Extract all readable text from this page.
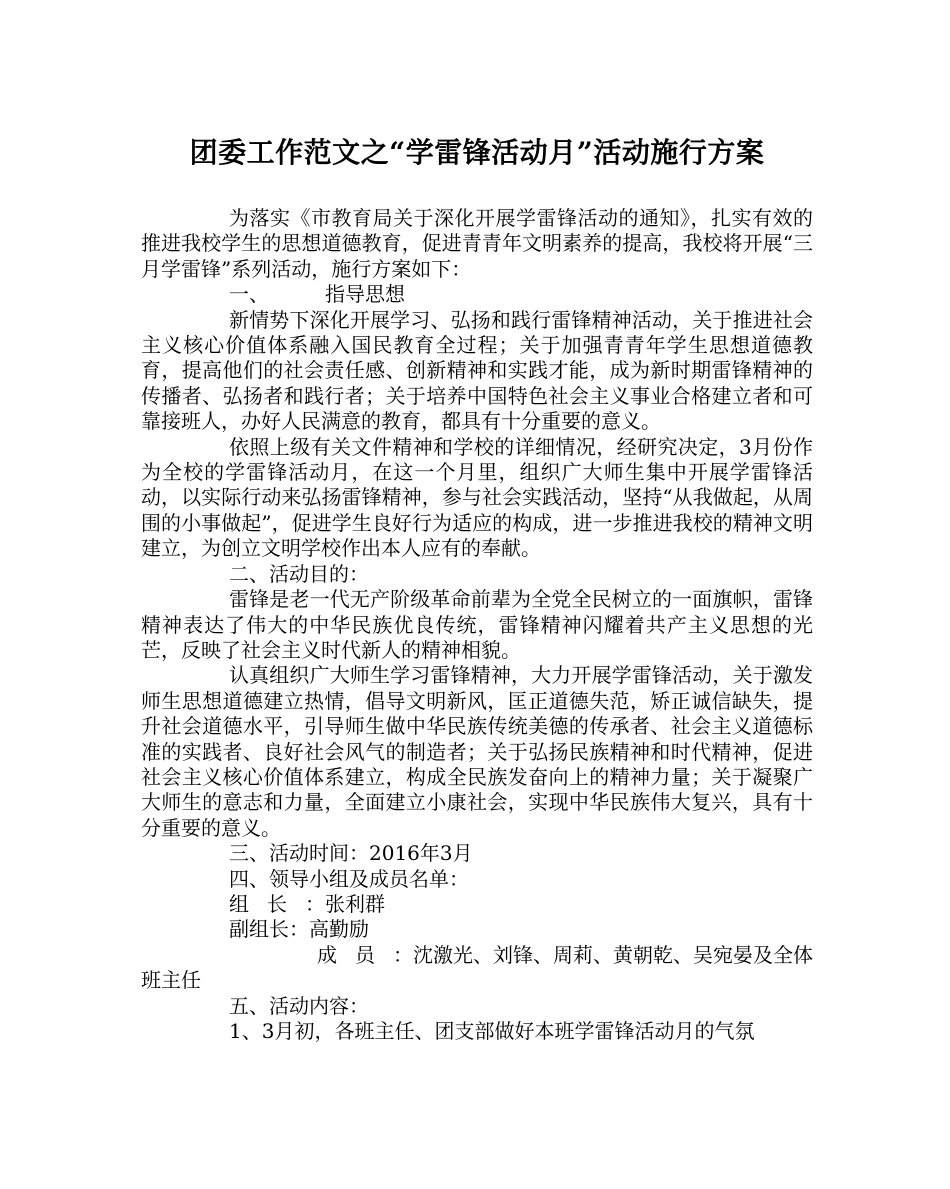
团委工作范文之“学雷锋活动月”活动施行方案

为落实《市教育局关于深化开展学雷锋活动的通知》，扎实有效的推进我校学生的思想道德教育，促进青青年文明素养的提高，我校将开展“三月学雷锋”系列活动，施行方案如下：

一、	指导思想

新情势下深化开展学习、弘扬和践行雷锋精神活动，关于推进社会主义核心价值体系融入国民教育全过程；关于加强青青年学生思想道德教育，提高他们的社会责任感、创新精神和实践才能，成为新时期雷锋精神的传播者、弘扬者和践行者；关于培养中国特色社会主义事业合格建立者和可靠接班人，办好人民满意的教育，都具有十分重要的意义。

依照上级有关文件精神和学校的详细情况，经研究决定，3月份作为全校的学雷锋活动月，在这一个月里，组织广大师生集中开展学雷锋活动，以实际行动来弘扬雷锋精神，参与社会实践活动，坚持“从我做起，从周围的小事做起”，促进学生良好行为适应的构成，进一步推进我校的精神文明建立，为创立文明学校作出本人应有的奉献。

二、活动目的：

雷锋是老一代无产阶级革命前辈为全党全民树立的一面旗帜，雷锋精神表达了伟大的中华民族优良传统，雷锋精神闪耀着共产主义思想的光芒，反映了社会主义时代新人的精神相貌。

认真组织广大师生学习雷锋精神，大力开展学雷锋活动，关于激发师生思想道德建立热情，倡导文明新风，匡正道德失范，矫正诚信缺失，提升社会道德水平，引导师生做中华民族传统美德的传承者、社会主义道德标准的实践者、良好社会风气的制造者；关于弘扬民族精神和时代精神，促进社会主义核心价值体系建立，构成全民族发奋向上的精神力量；关于凝聚广大师生的意志和力量，全面建立小康社会，实现中华民族伟大复兴，具有十分重要的意义。

三、活动时间：2016年3月

四、领导小组及成员名单：

组长：张利群

副组长：高勤励

成员：沈激光、刘锋、周莉、黄朝乾、吴宛晏及全体班主任

五、活动内容：

1、3月初，各班主任、团支部做好本班学雷锋活动月的气氛
